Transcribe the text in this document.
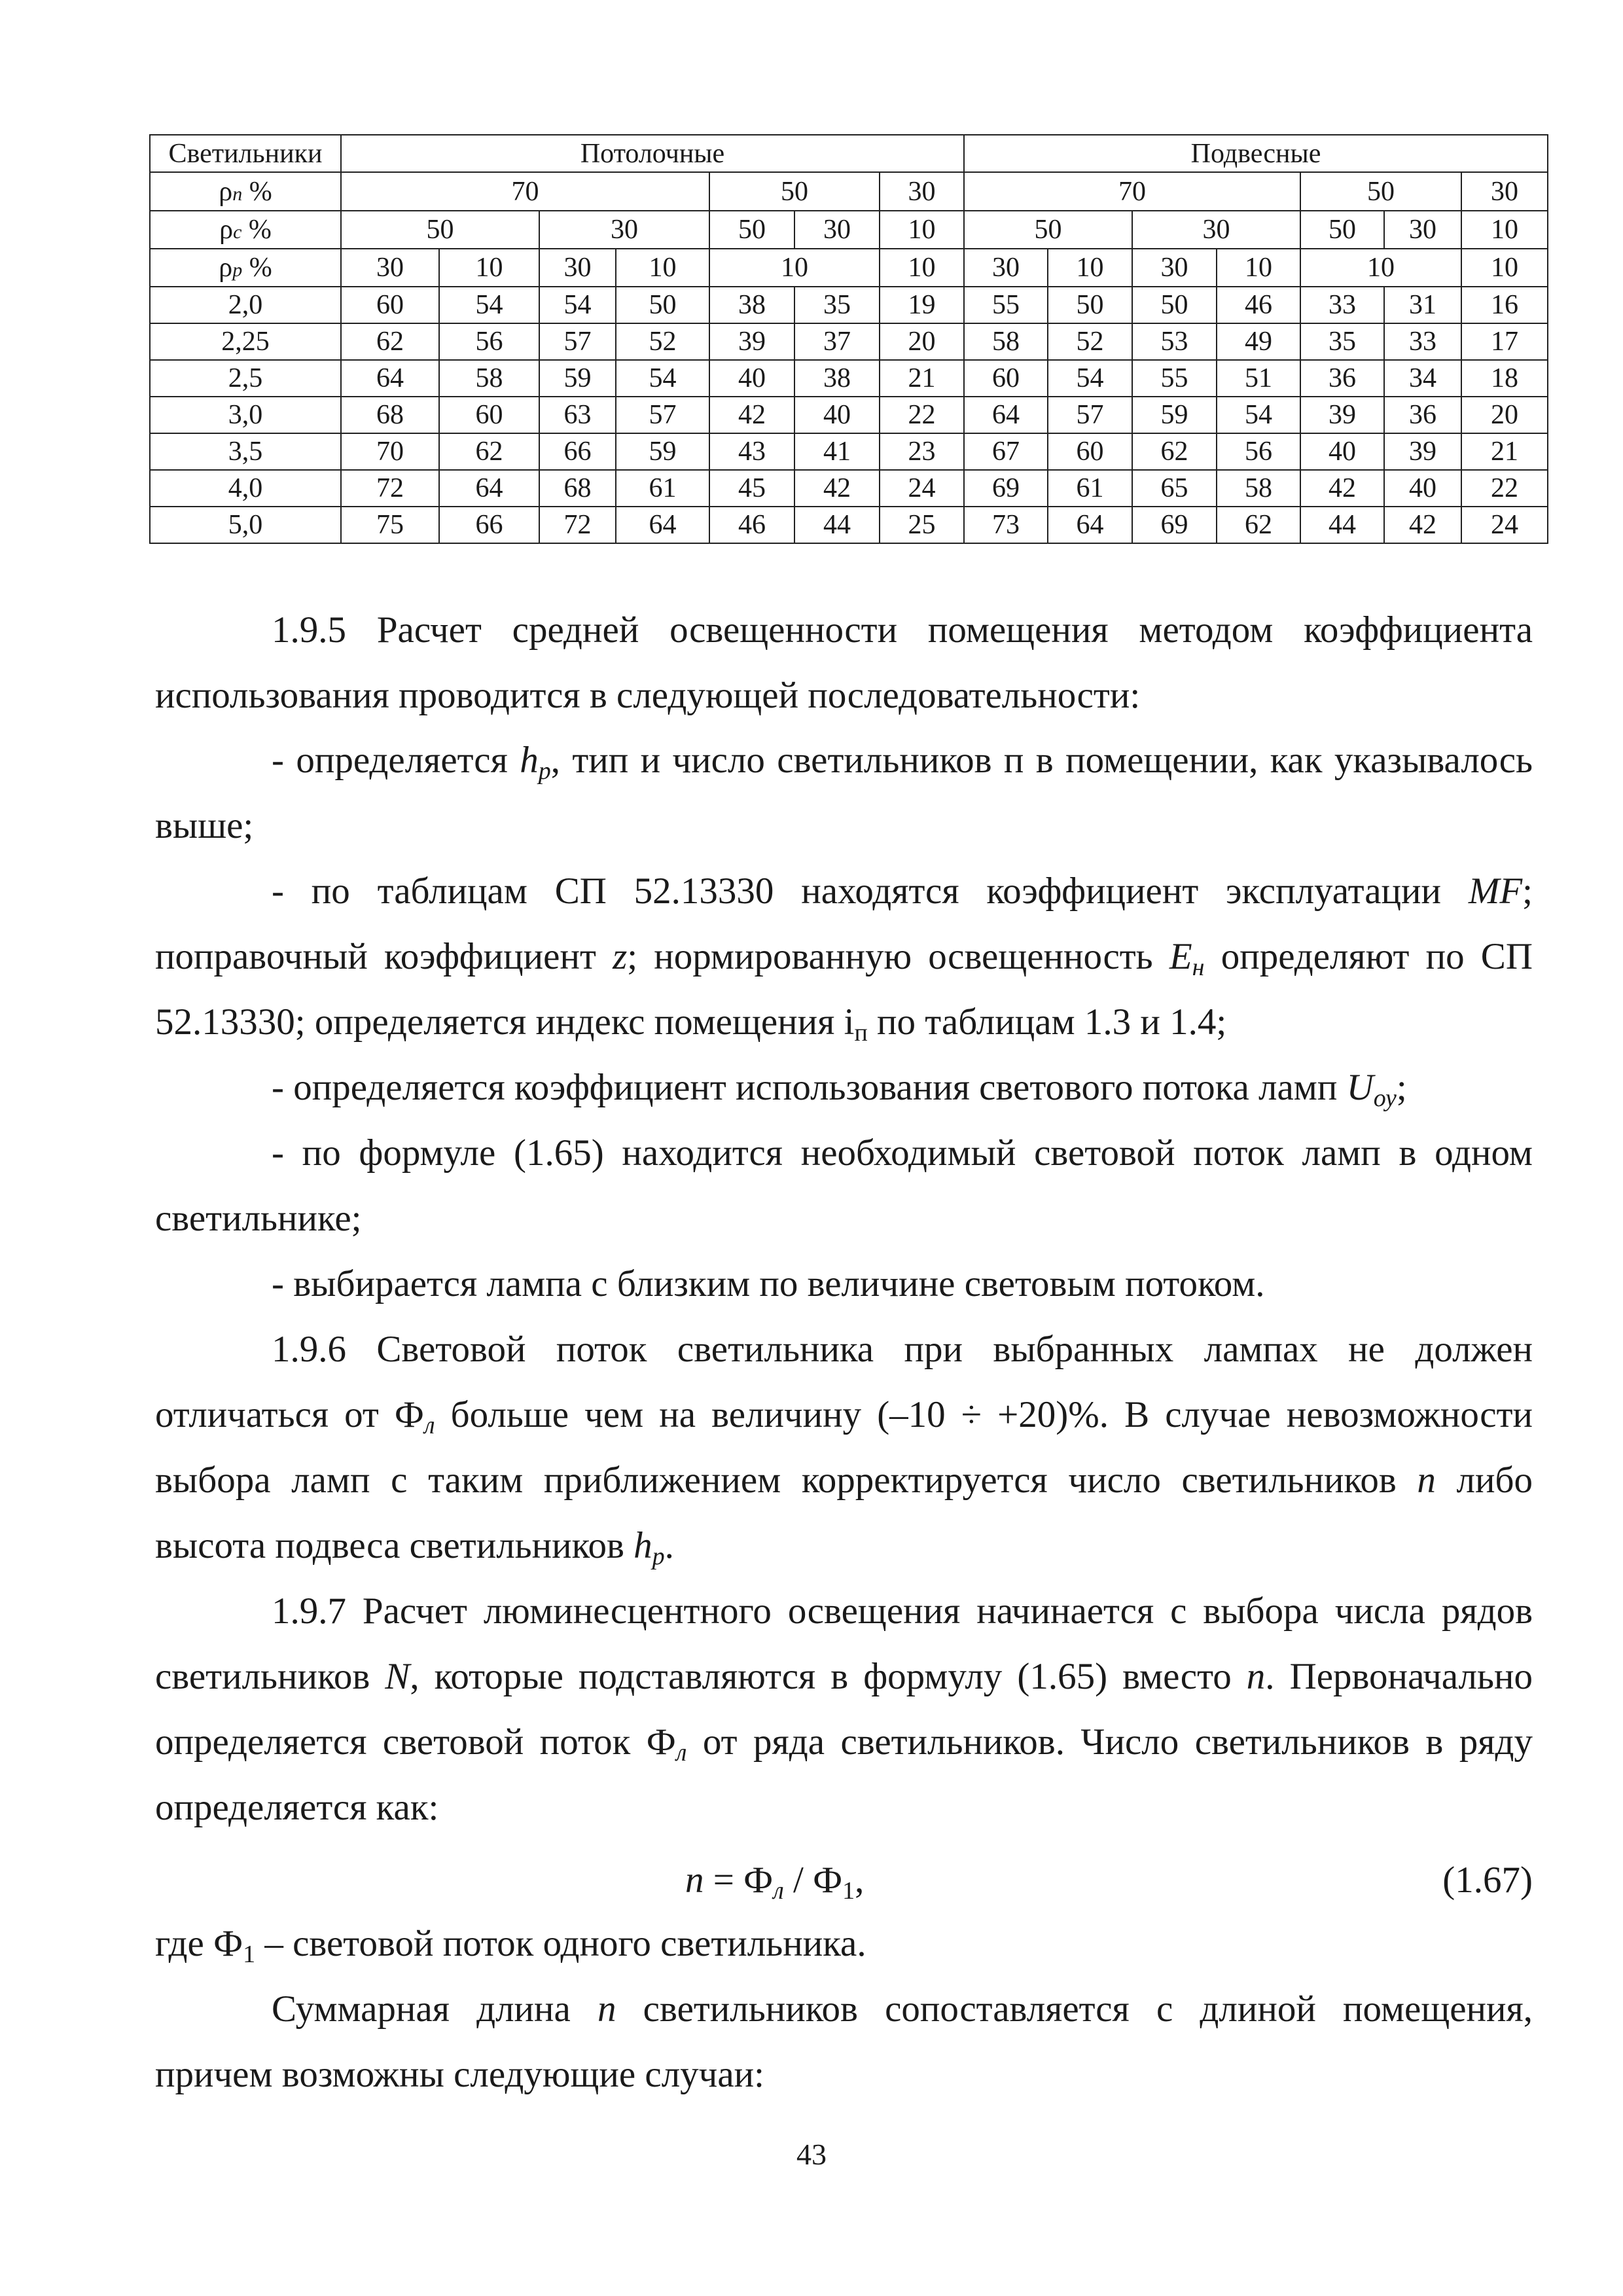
Светильники	Потолочные							Подвесные						
ρп %	70				50		30	70				50		30
ρс %	50		30		50	30	10	50		30		50	30	10
ρр %	30	10	30	10	10		10	30	10	30	10	10		10
2,0	60	54	54	50	38	35	19	55	50	50	46	33	31	16
2,25	62	56	57	52	39	37	20	58	52	53	49	35	33	17
2,5	64	58	59	54	40	38	21	60	54	55	51	36	34	18
3,0	68	60	63	57	42	40	22	64	57	59	54	39	36	20
3,5	70	62	66	59	43	41	23	67	60	62	56	40	39	21
4,0	72	64	68	61	45	42	24	69	61	65	58	42	40	22
5,0	75	66	72	64	46	44	25	73	64	69	62	44	42	24

1.9.5 Расчет средней освещенности помещения методом коэффициента

использования проводится в следующей последовательности:

- определяется $h_р$, тип и число светильников п в помещении, как указывалось

выше;

- по таблицам СП 52.13330 находятся коэффициент эксплуатации MF;

поправочный коэффициент z; нормированную освещенность $E_н$ определяют по СП

52.13330; определяется индекс помещения $i_п$ по таблицам 1.3 и 1.4;

- определяется коэффициент использования светового потока ламп $U_{оу}$;

- по формуле (1.65) находится необходимый световой поток ламп в одном

светильнике;

- выбирается лампа с близким по величине световым потоком.

1.9.6 Световой поток светильника при выбранных лампах не должен

отличаться от $Ф_л$ больше чем на величину (–10 ÷ +20)%. В случае невозможности

выбора ламп с таким приближением корректируется число светильников n либо

высота подвеса светильников $h_р$.

1.9.7 Расчет люминесцентного освещения начинается с выбора числа рядов

светильников N, которые подставляются в формулу (1.65) вместо n. Первоначально

определяется световой поток $Ф_л$ от ряда светильников. Число светильников в ряду

определяется как:

$n = Ф_л / Ф_1$,	(1.67)

где $Ф_1$ – световой поток одного светильника.

Суммарная длина n светильников сопоставляется с длиной помещения,

причем возможны следующие случаи:

43
